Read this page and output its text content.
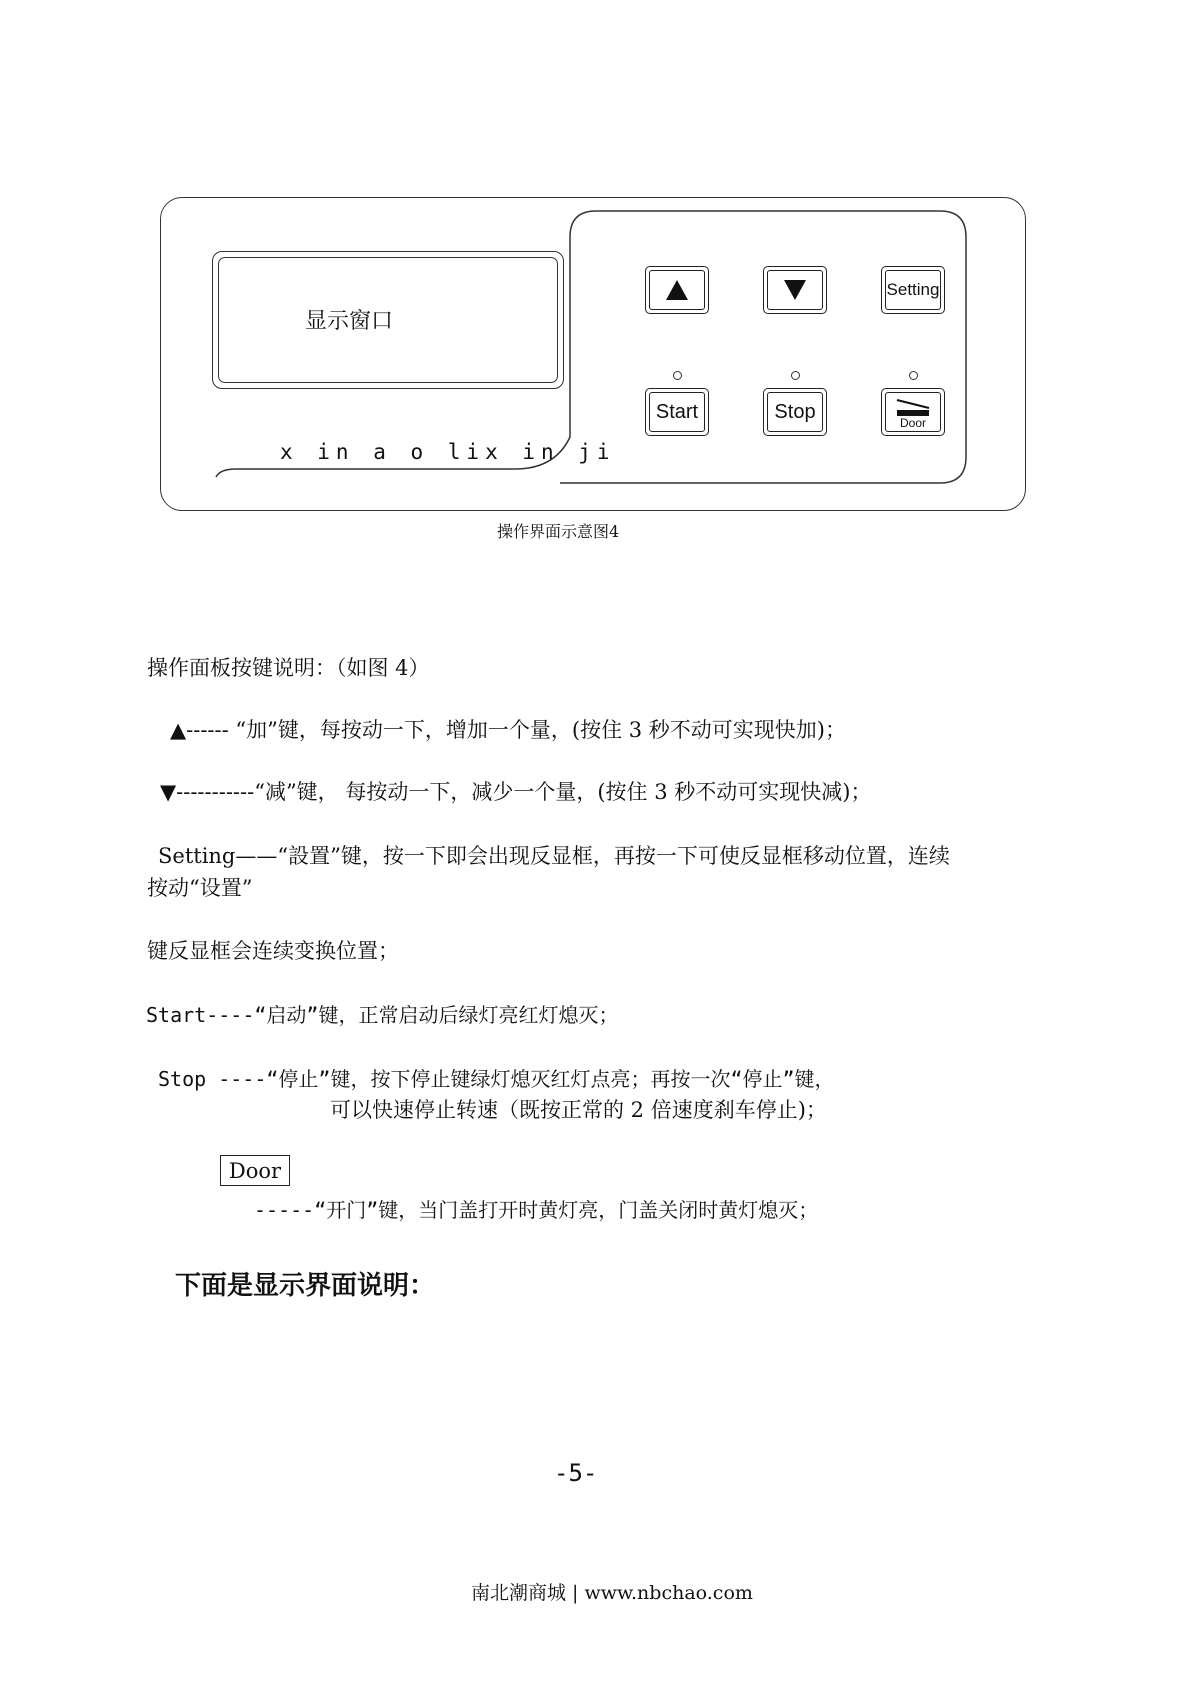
显示窗口
x in a o lix in ji
Setting
Start	Stop
Door
操作界面示意图4
操作面板按键说明：（如图 4）
▲------ “加”键，每按动一下，增加一个量，(按住 3 秒不动可实现快加)；
▼-----------“减”键， 每按动一下，减少一个量，(按住 3 秒不动可实现快减)；
Setting——“設置”键，按一下即会出现反显框，再按一下可使反显框移动位置，连续
按动“设置”
键反显框会连续变换位置；
Start----“启动”键，正常启动后绿灯亮红灯熄灭；
Stop ----“停止”键，按下停止键绿灯熄灭红灯点亮；再按一次“停止”键，
可以快速停止转速（既按正常的 2 倍速度刹车停止)；
Door
-----“开门”键，当门盖打开时黄灯亮，门盖关闭时黄灯熄灭；
下面是显示界面说明：
-5-
南北潮商城 | www.nbchao.com
